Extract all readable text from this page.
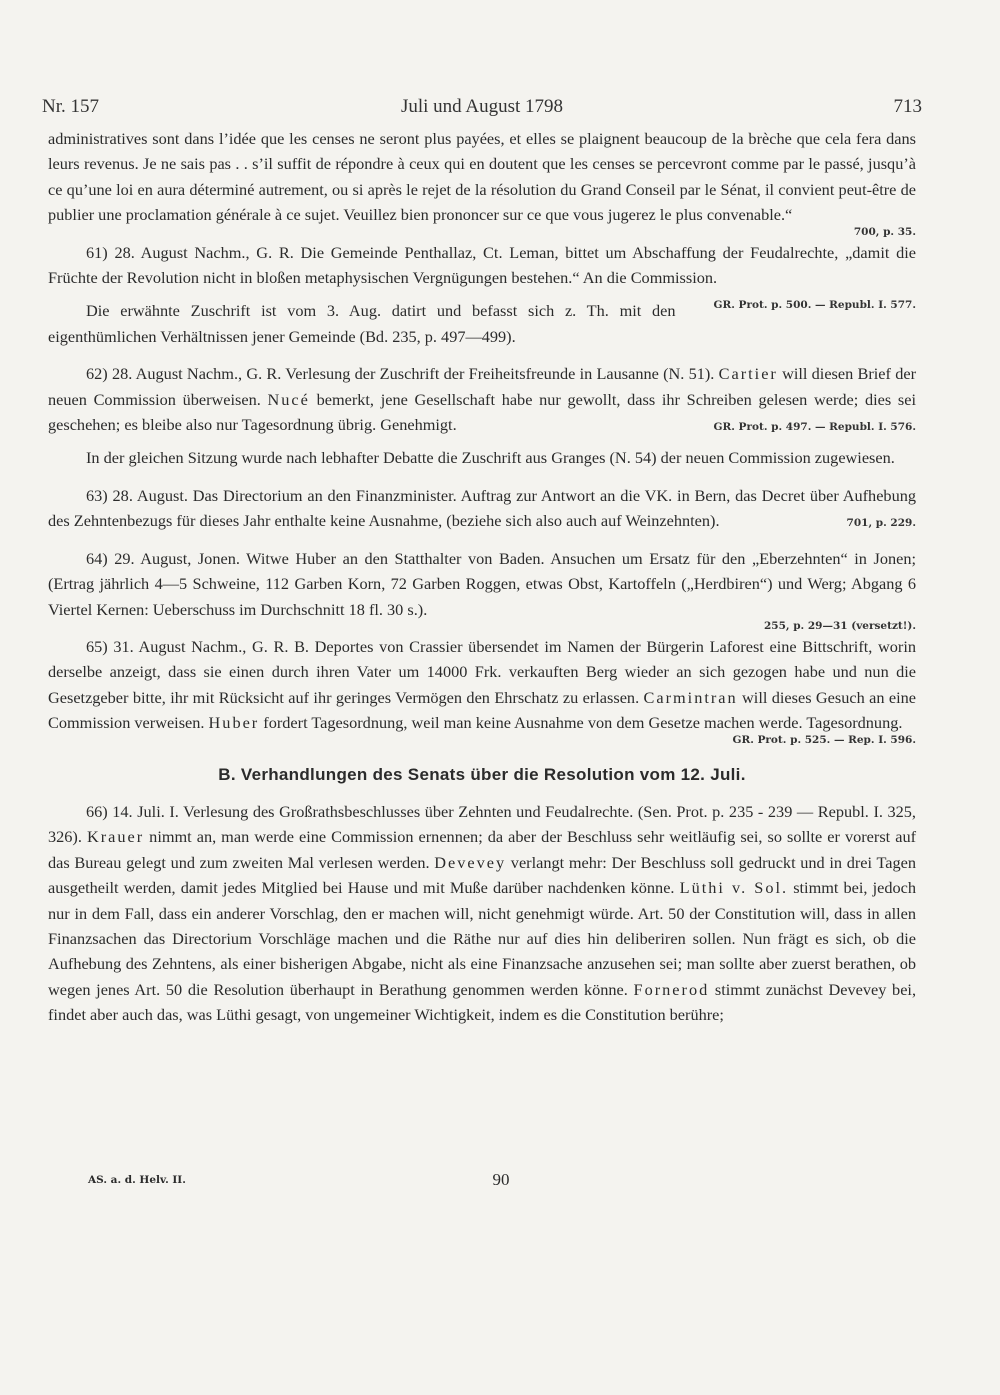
Nr. 157	Juli und August 1798	713

administratives sont dans l’idée que les censes ne seront plus payées, et elles se plaignent beaucoup de la brèche que cela fera dans leurs revenus. Je ne sais pas . . s’il suffit de répondre à ceux qui en doutent que les censes se percevront comme par le passé, jusqu’à ce qu’une loi en aura déterminé autrement, ou si après le rejet de la résolution du Grand Conseil par le Sénat, il convient peut-être de publier une proclamation générale à ce sujet. Veuillez bien prononcer sur ce que vous jugerez le plus convenable.“

700, p. 35.

61) 28. August Nachm., G. R. Die Gemeinde Penthallaz, Ct. Leman, bittet um Abschaffung der Feudalrechte, „damit die Früchte der Revolution nicht in bloßen metaphysischen Vergnügungen bestehen.“ An die Commission.
GR. Prot. p. 500. — Republ. I. 577.

Die erwähnte Zuschrift ist vom 3. Aug. datirt und befasst sich z. Th. mit den eigenthümlichen Verhältnissen jener Gemeinde (Bd. 235, p. 497—499).

62) 28. August Nachm., G. R. Verlesung der Zuschrift der Freiheitsfreunde in Lausanne (N. 51). Cartier will diesen Brief der neuen Commission überweisen. Nucé bemerkt, jene Gesellschaft habe nur gewollt, dass ihr Schreiben gelesen werde; dies sei geschehen; es bleibe also nur Tagesordnung übrig. Genehmigt.	GR. Prot. p. 497. — Republ. I. 576.

In der gleichen Sitzung wurde nach lebhafter Debatte die Zuschrift aus Granges (N. 54) der neuen Commission zugewiesen.

63) 28. August. Das Directorium an den Finanzminister. Auftrag zur Antwort an die VK. in Bern, das Decret über Aufhebung des Zehntenbezugs für dieses Jahr enthalte keine Ausnahme, (beziehe sich also auch auf Weinzehnten).	701, p. 229.

64) 29. August, Jonen. Witwe Huber an den Statthalter von Baden. Ansuchen um Ersatz für den „Eberzehnten“ in Jonen; (Ertrag jährlich 4—5 Schweine, 112 Garben Korn, 72 Garben Roggen, etwas Obst, Kartoffeln („Herdbiren“) und Werg; Abgang 6 Viertel Kernen: Ueberschuss im Durchschnitt 18 fl. 30 s.).

255, p. 29—31 (versetzt!).

65) 31. August Nachm., G. R. B. Deportes von Crassier übersendet im Namen der Bürgerin Laforest eine Bittschrift, worin derselbe anzeigt, dass sie einen durch ihren Vater um 14000 Frk. verkauften Berg wieder an sich gezogen habe und nun die Gesetzgeber bitte, ihr mit Rücksicht auf ihr geringes Vermögen den Ehrschatz zu erlassen. Carmintran will dieses Gesuch an eine Commission verweisen. Huber fordert Tagesordnung, weil man keine Ausnahme von dem Gesetze machen werde. Tagesordnung.

GR. Prot. p. 525. — Rep. I. 596.
B. Verhandlungen des Senats über die Resolution vom 12. Juli.

66) 14. Juli. I. Verlesung des Großrathsbeschlusses über Zehnten und Feudalrechte. (Sen. Prot. p. 235 - 239 — Republ. I. 325, 326). Krauer nimmt an, man werde eine Commission ernennen; da aber der Beschluss sehr weitläufig sei, so sollte er vorerst auf das Bureau gelegt und zum zweiten Mal verlesen werden. Devevey verlangt mehr: Der Beschluss soll gedruckt und in drei Tagen ausgetheilt werden, damit jedes Mitglied bei Hause und mit Muße darüber nachdenken könne. Lüthi v. Sol. stimmt bei, jedoch nur in dem Fall, dass ein anderer Vorschlag, den er machen will, nicht genehmigt würde. Art. 50 der Constitution will, dass in allen Finanzsachen das Directorium Vorschläge machen und die Räthe nur auf dies hin deliberiren sollen. Nun frägt es sich, ob die Aufhebung des Zehntens, als einer bisherigen Abgabe, nicht als eine Finanzsache anzusehen sei; man sollte aber zuerst berathen, ob wegen jenes Art. 50 die Resolution überhaupt in Berathung genommen werden könne. Fornerod stimmt zunächst Devevey bei, findet aber auch das, was Lüthi gesagt, von ungemeiner Wichtigkeit, indem es die Constitution berühre;

AS. a. d. Helv. II.	90
